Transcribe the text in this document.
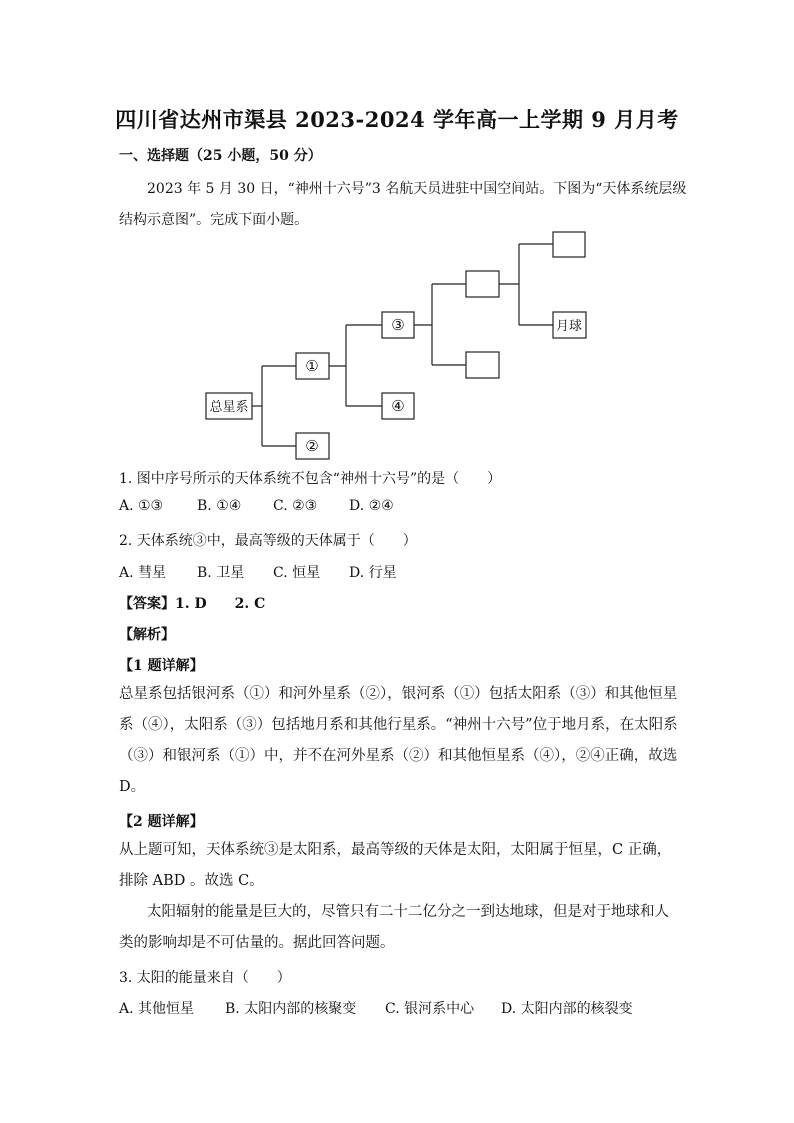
四川省达州市渠县 2023-2024 学年高一上学期 9 月月考
一、选择题（25 小题，50 分）
2023 年 5 月 30 日，“神州十六号”3 名航天员进驻中国空间站。下图为“天体系统层级
结构示意图”。完成下面小题。
总星系
①
②
③
④
月球
1. 图中序号所示的天体系统不包含“神州十六号”的是（　　）
A. ①③ B. ①④ C. ②③ D. ②④
2. 天体系统③中，最高等级的天体属于（　　）
A. 彗星 B. 卫星 C. 恒星 D. 行星
【答案】1. D　　2. C
【解析】
【1 题详解】
总星系包括银河系（①）和河外星系（②），银河系（①）包括太阳系（③）和其他恒星系（④），太阳系（③）包括地月系和其他行星系。“神州十六号”位于地月系，在太阳系（③）和银河系（①）中，并不在河外星系（②）和其他恒星系（④），②④正确，故选 D。
【2 题详解】
从上题可知，天体系统③是太阳系，最高等级的天体是太阳，太阳属于恒星，C 正确，排除 ABD 。故选 C。
太阳辐射的能量是巨大的，尽管只有二十二亿分之一到达地球，但是对于地球和人类的影响却是不可估量的。据此回答问题。
3. 太阳的能量来自（　　）
A. 其他恒星 B. 太阳内部的核聚变 C. 银河系中心 D. 太阳内部的核裂变
